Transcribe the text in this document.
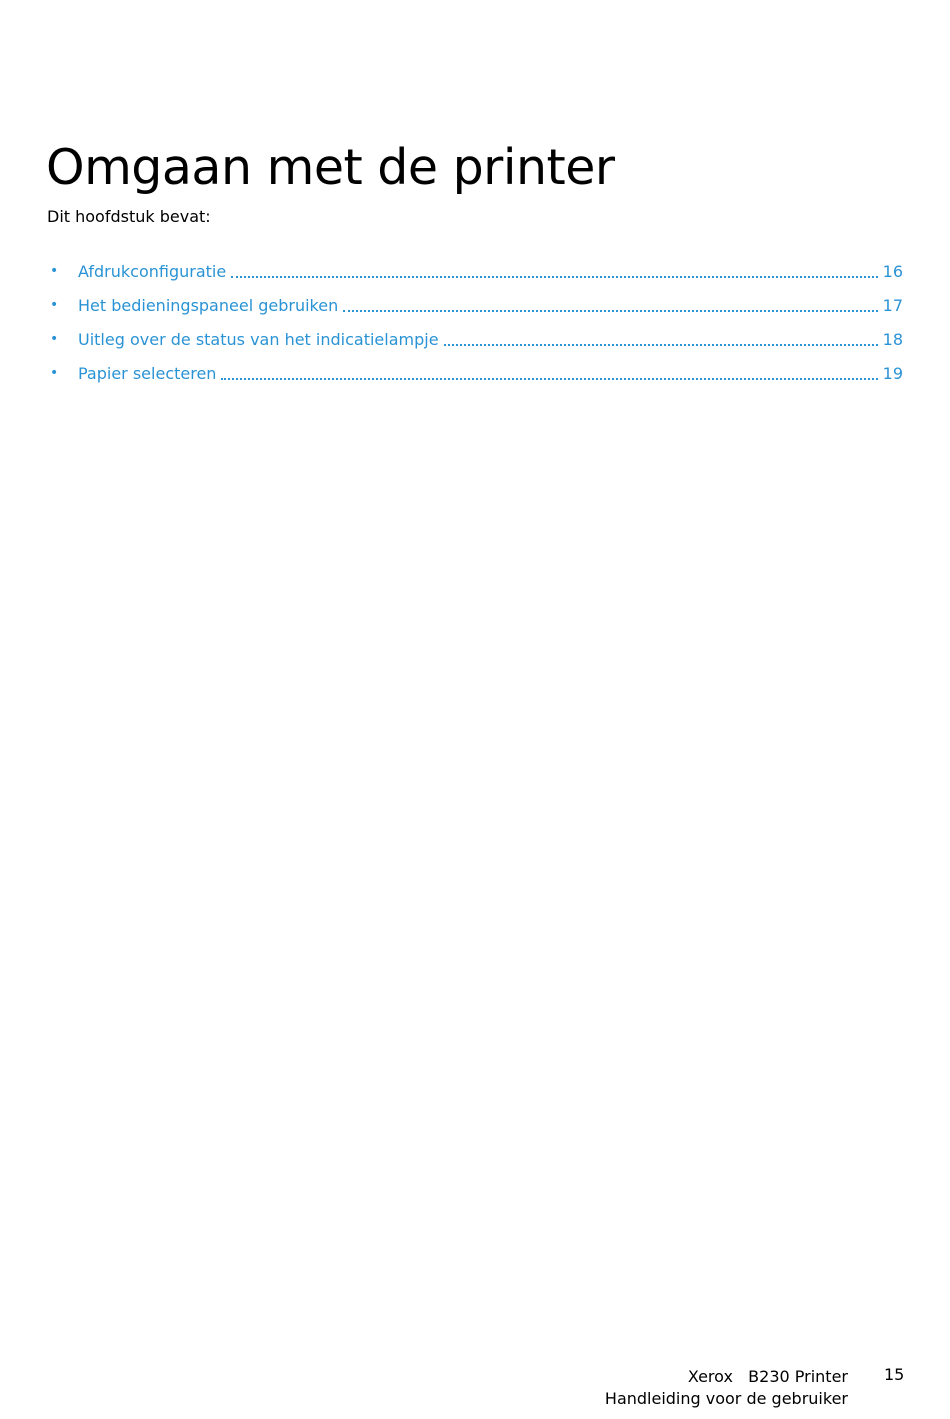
Omgaan met de printer
Dit hoofdstuk bevat:
•	Afdrukconfiguratie	16
•	Het bedieningspaneel gebruiken	17
•	Uitleg over de status van het indicatielampje	18
•	Papier selecteren	19
Xerox   B230 Printer
Handleiding voor de gebruiker
15
